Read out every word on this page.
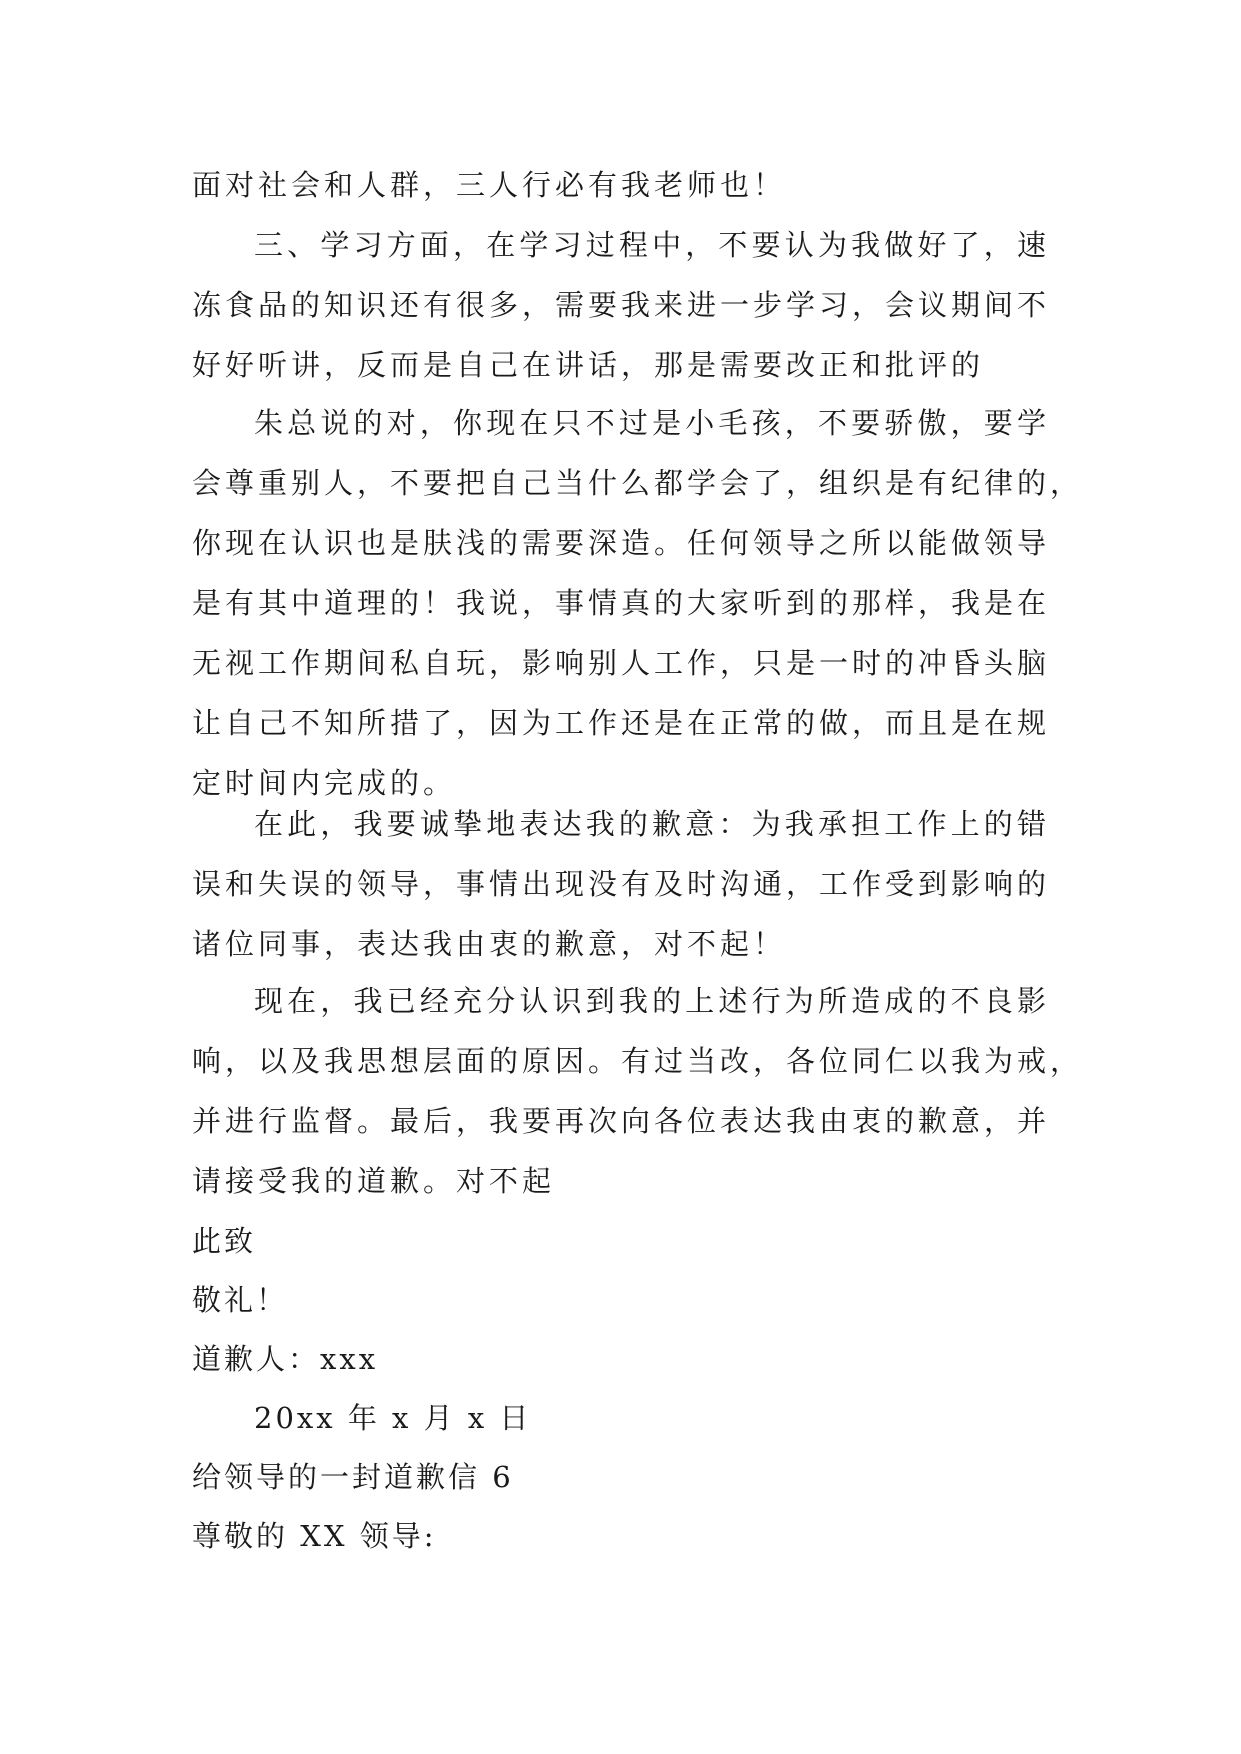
面对社会和人群，三人行必有我老师也！

三、学习方面，在学习过程中，不要认为我做好了，速
冻食品的知识还有很多，需要我来进一步学习，会议期间不
好好听讲，反而是自己在讲话，那是需要改正和批评的

朱总说的对，你现在只不过是小毛孩，不要骄傲，要学
会尊重别人，不要把自己当什么都学会了，组织是有纪律的，
你现在认识也是肤浅的需要深造。任何领导之所以能做领导
是有其中道理的！我说，事情真的大家听到的那样，我是在
无视工作期间私自玩，影响别人工作，只是一时的冲昏头脑
让自己不知所措了，因为工作还是在正常的做，而且是在规
定时间内完成的。

在此，我要诚挚地表达我的歉意：为我承担工作上的错
误和失误的领导，事情出现没有及时沟通，工作受到影响的
诸位同事，表达我由衷的歉意，对不起！

现在，我已经充分认识到我的上述行为所造成的不良影
响，以及我思想层面的原因。有过当改，各位同仁以我为戒，
并进行监督。最后，我要再次向各位表达我由衷的歉意，并
请接受我的道歉。对不起

此致
敬礼！
道歉人：xxx
20xx 年 x 月 x 日
给领导的一封道歉信 6
尊敬的 XX 领导:
